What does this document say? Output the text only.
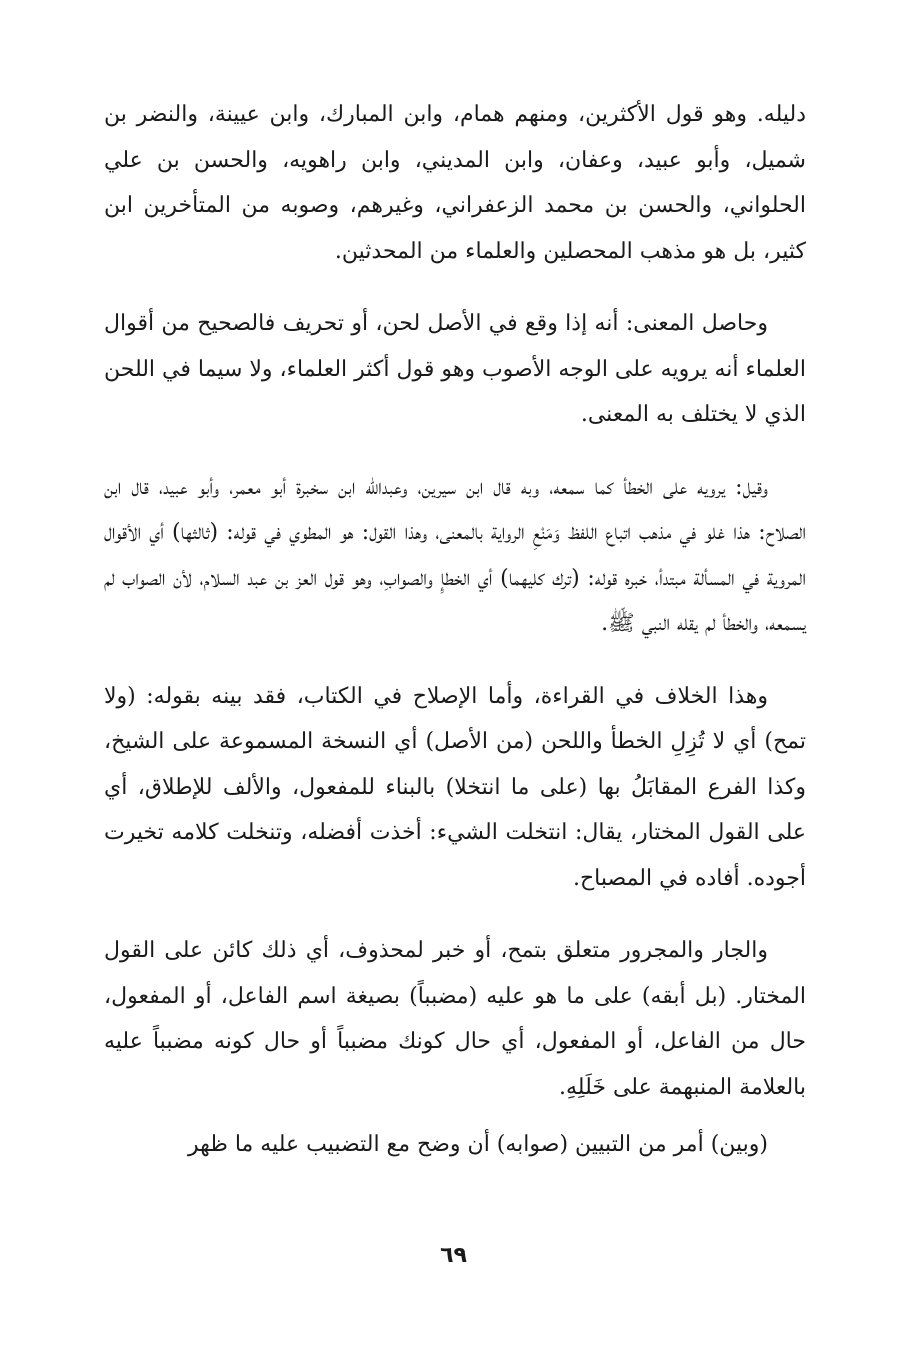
دليله. وهو قول الأكثرين، ومنهم همام، وابن المبارك، وابن عيينة، والنضر بن شميل، وأبو عبيد، وعفان، وابن المديني، وابن راهويه، والحسن بن علي الحلواني، والحسن بن محمد الزعفراني، وغيرهم، وصوبه من المتأخرين ابن كثير، بل هو مذهب المحصلين والعلماء من المحدثين.

وحاصل المعنى: أنه إذا وقع في الأصل لحن، أو تحريف فالصحيح من أقوال العلماء أنه يرويه على الوجه الأصوب وهو قول أكثر العلماء، ولا سيما في اللحن الذي لا يختلف به المعنى.

وقيل: يرويه على الخطأ كما سمعه، وبه قال ابن سيرين، وعبدالله ابن سخبرة أبو معمر، وأبو عبيد، قال ابن الصلاح: هذا غلو في مذهب اتباع اللفظ وَمَنْعِ الرواية بالمعنى، وهذا القول: هو المطوي في قوله: (ثالثها) أي الأقوال المروية في المسألة مبتدأ، خبره قوله: (ترك كليهما) أي الخطإِ والصوابِ، وهو قول العز بن عبد السلام، لأن الصواب لم يسمعه، والخطأ لم يقله النبي ﷺ.

وهذا الخلاف في القراءة، وأما الإصلاح في الكتاب، فقد بينه بقوله: (ولا تمح) أي لا تُزِلِ الخطأ واللحن (من الأصل) أي النسخة المسموعة على الشيخ، وكذا الفرع المقابَلُ بها (على ما انتخلا) بالبناء للمفعول، والألف للإطلاق، أي على القول المختار، يقال: انتخلت الشيء: أخذت أفضله، وتنخلت كلامه تخيرت أجوده. أفاده في المصباح.

والجار والمجرور متعلق بتمح، أو خبر لمحذوف، أي ذلك كائن على القول المختار. (بل أبقه) على ما هو عليه (مضبباً) بصيغة اسم الفاعل، أو المفعول، حال من الفاعل، أو المفعول، أي حال كونك مضبباً أو حال كونه مضبباً عليه بالعلامة المنبهمة على خَلَلِهِ.

(وبين) أمر من التبيين (صوابه) أن وضح مع التضبيب عليه ما ظهر

٦٩
